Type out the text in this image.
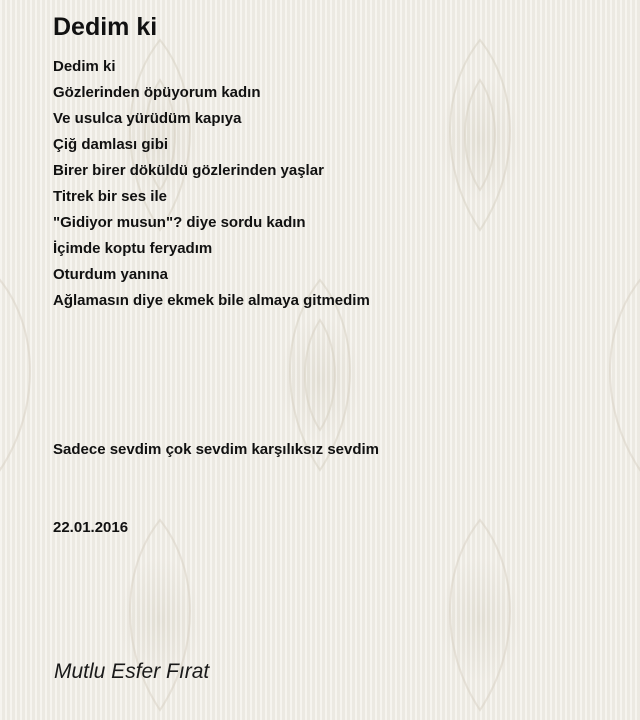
Dedim ki
Dedim ki
Gözlerinden öpüyorum kadın
Ve usulca yürüdüm kapıya
Çiğ damlası gibi
Birer birer döküldü gözlerinden yaşlar
Titrek bir ses ile
"Gidiyor musun"? diye sordu kadın
İçimde koptu feryadım
Oturdum yanına
Ağlamasın diye ekmek bile almaya gitmedim
Sadece sevdim çok sevdim karşılıksız sevdim
22.01.2016
Mutlu Esfer Fırat
